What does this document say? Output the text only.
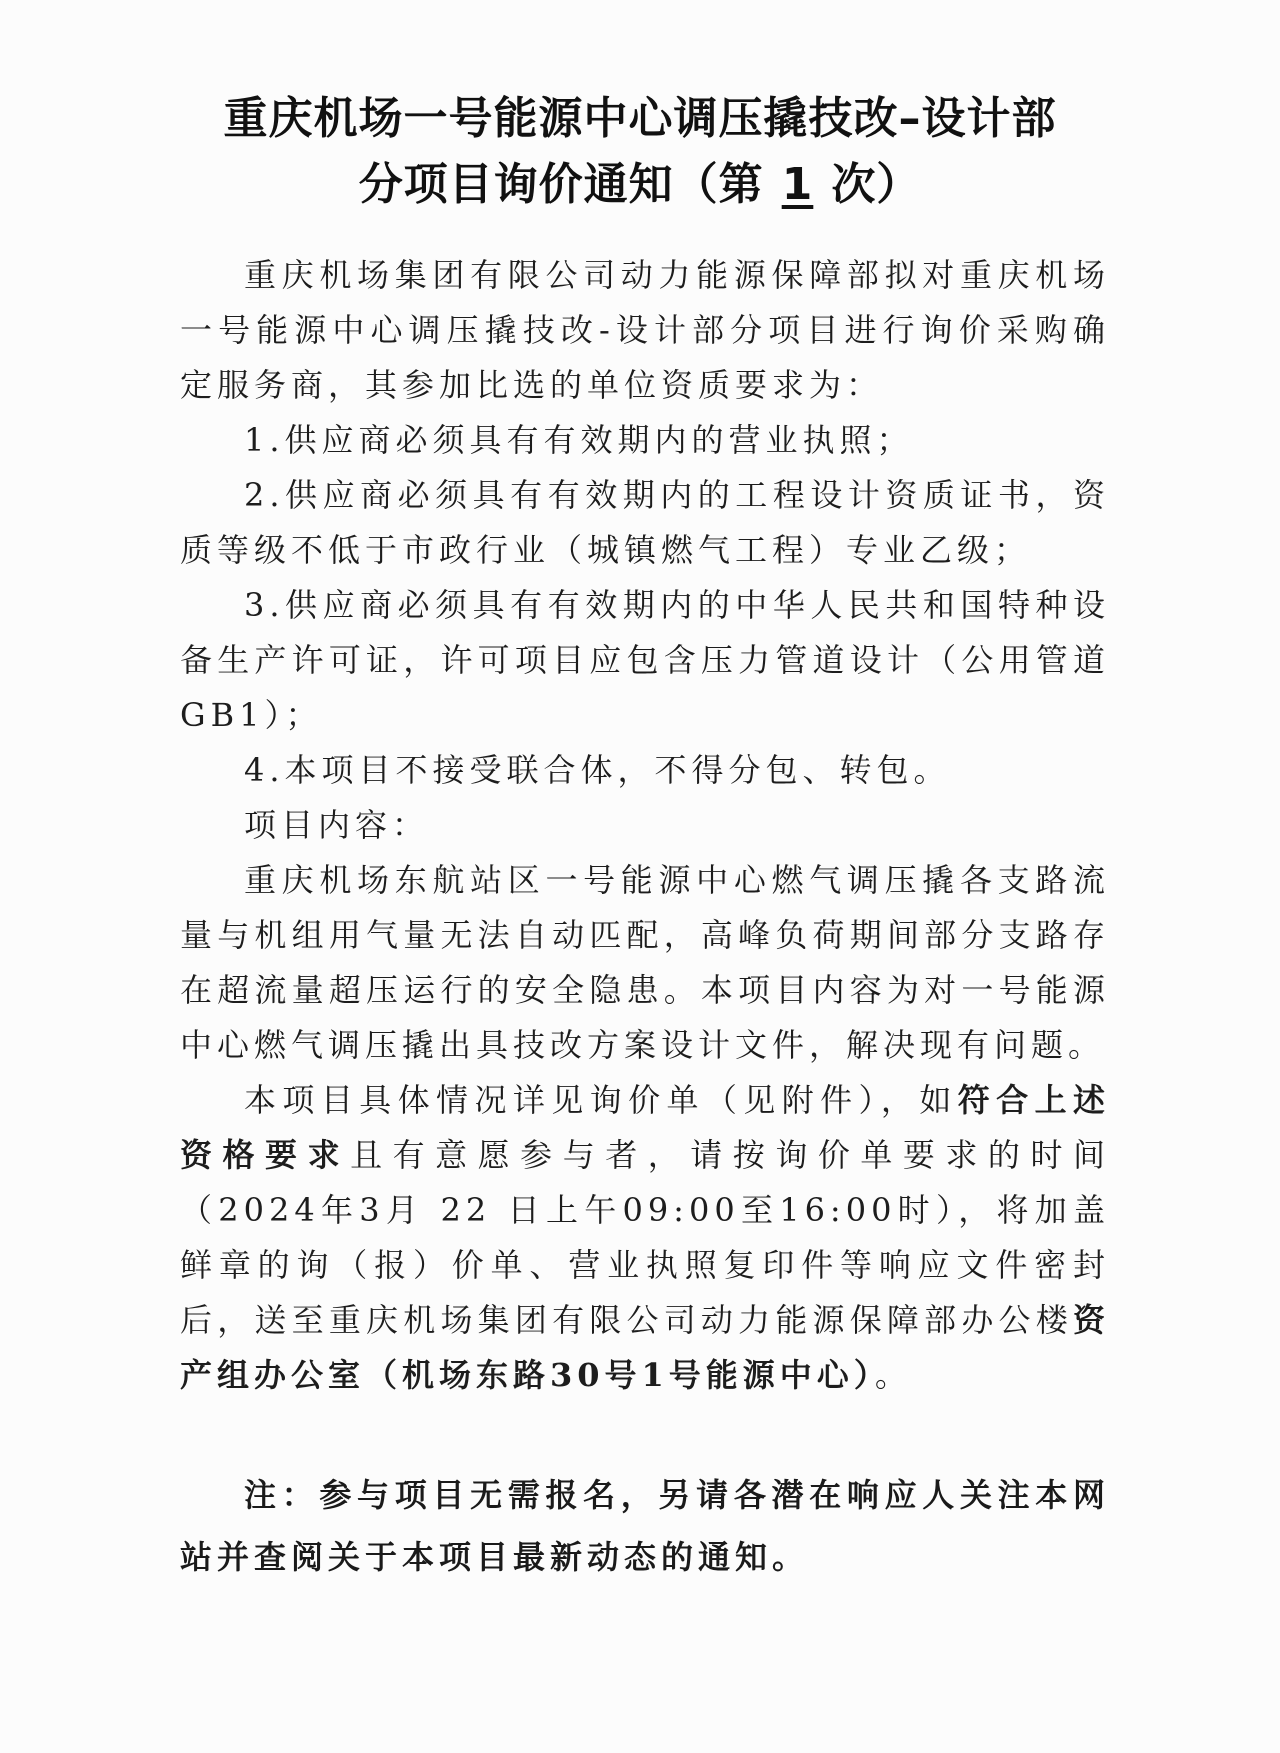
重庆机场一号能源中心调压撬技改–设计部
分项目询价通知（第 1 次）

重庆机场集团有限公司动力能源保障部拟对重庆机场一号能源中心调压撬技改-设计部分项目进行询价采购确定服务商，其参加比选的单位资质要求为：

1.供应商必须具有有效期内的营业执照；

2.供应商必须具有有效期内的工程设计资质证书，资质等级不低于市政行业（城镇燃气工程）专业乙级；

3.供应商必须具有有效期内的中华人民共和国特种设备生产许可证，许可项目应包含压力管道设计（公用管道GB1）；

4.本项目不接受联合体，不得分包、转包。

项目内容：

重庆机场东航站区一号能源中心燃气调压撬各支路流量与机组用气量无法自动匹配，高峰负荷期间部分支路存在超流量超压运行的安全隐患。本项目内容为对一号能源中心燃气调压撬出具技改方案设计文件，解决现有问题。

本项目具体情况详见询价单（见附件），如符合上述资格要求且有意愿参与者，请按询价单要求的时间（2024年3月 22 日上午09:00至16:00时），将加盖鲜章的询（报）价单、营业执照复印件等响应文件密封后，送至重庆机场集团有限公司动力能源保障部办公楼资产组办公室（机场东路30号1号能源中心）。

注：参与项目无需报名，另请各潜在响应人关注本网站并查阅关于本项目最新动态的通知。
